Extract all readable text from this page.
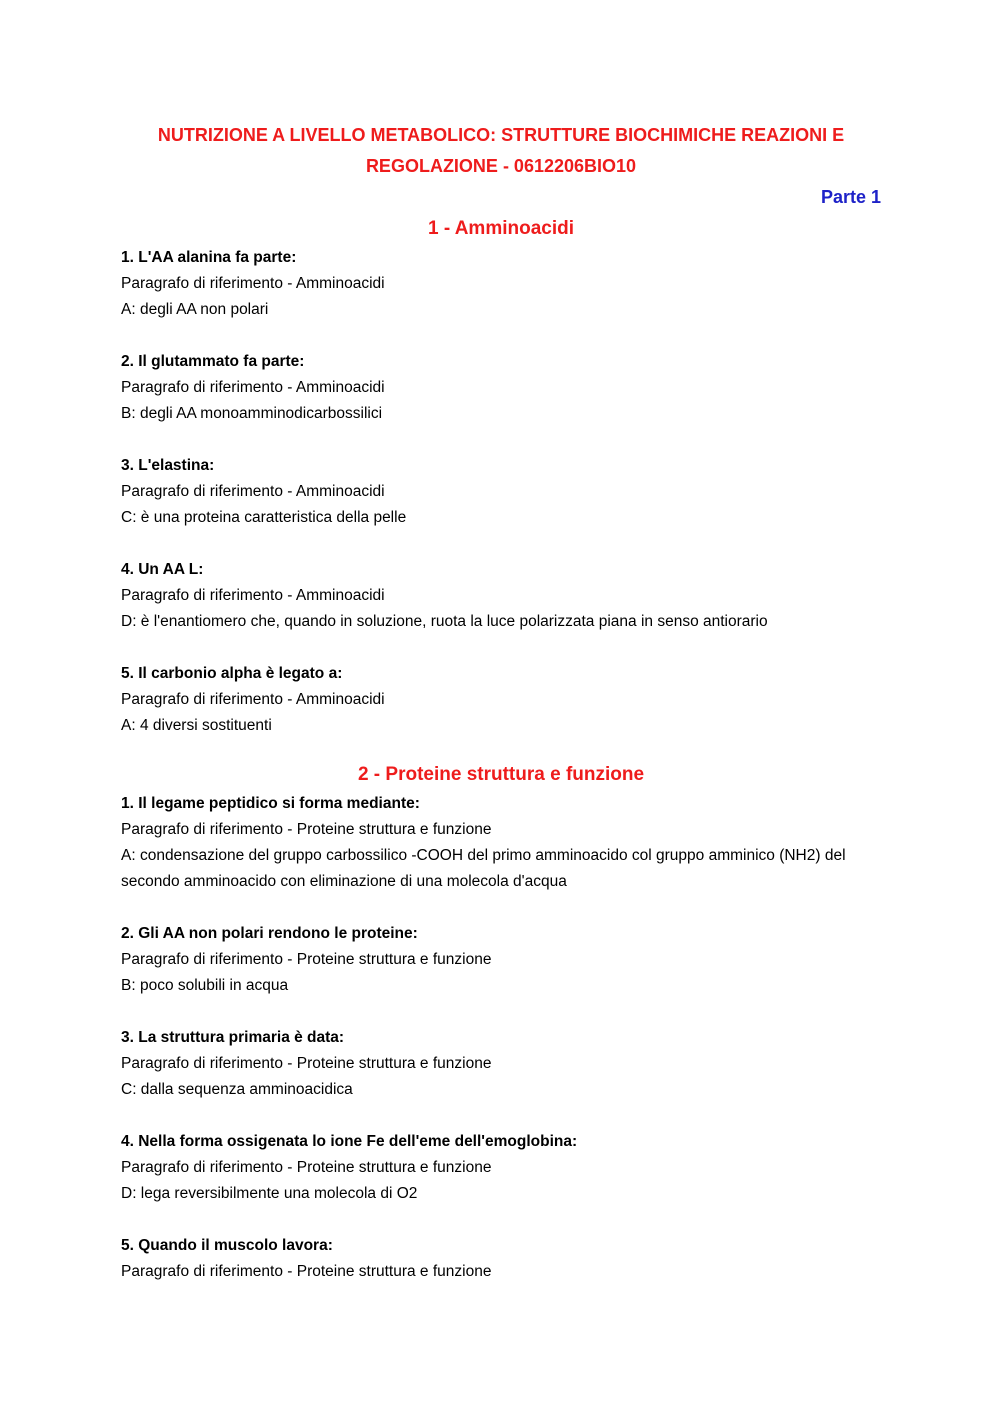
NUTRIZIONE A LIVELLO METABOLICO: STRUTTURE BIOCHIMICHE REAZIONI E
REGOLAZIONE - 0612206BIO10

Parte 1

1 - Amminoacidi

1. L'AA alanina fa parte:

Paragrafo di riferimento - Amminoacidi

A: degli AA non polari

2. Il glutammato fa parte:

Paragrafo di riferimento - Amminoacidi

B: degli AA monoamminodicarbossilici

3. L'elastina:

Paragrafo di riferimento - Amminoacidi

C: è una proteina caratteristica della pelle

4. Un AA L:

Paragrafo di riferimento - Amminoacidi

D: è l'enantiomero che, quando in soluzione, ruota la luce polarizzata piana in senso antiorario

5. Il carbonio alpha è legato a:

Paragrafo di riferimento - Amminoacidi

A: 4 diversi sostituenti

2 - Proteine struttura e funzione

1. Il legame peptidico si forma mediante:

Paragrafo di riferimento - Proteine struttura e funzione

A: condensazione del gruppo carbossilico -COOH del primo amminoacido col gruppo amminico (NH2) del secondo amminoacido con eliminazione di una molecola d'acqua

2. Gli AA non polari rendono le proteine:

Paragrafo di riferimento - Proteine struttura e funzione

B: poco solubili in acqua

3. La struttura primaria è data:

Paragrafo di riferimento - Proteine struttura e funzione

C: dalla sequenza amminoacidica

4. Nella forma ossigenata lo ione Fe dell'eme dell'emoglobina:

Paragrafo di riferimento - Proteine struttura e funzione

D: lega reversibilmente una molecola di O2

5. Quando il muscolo lavora:

Paragrafo di riferimento - Proteine struttura e funzione
